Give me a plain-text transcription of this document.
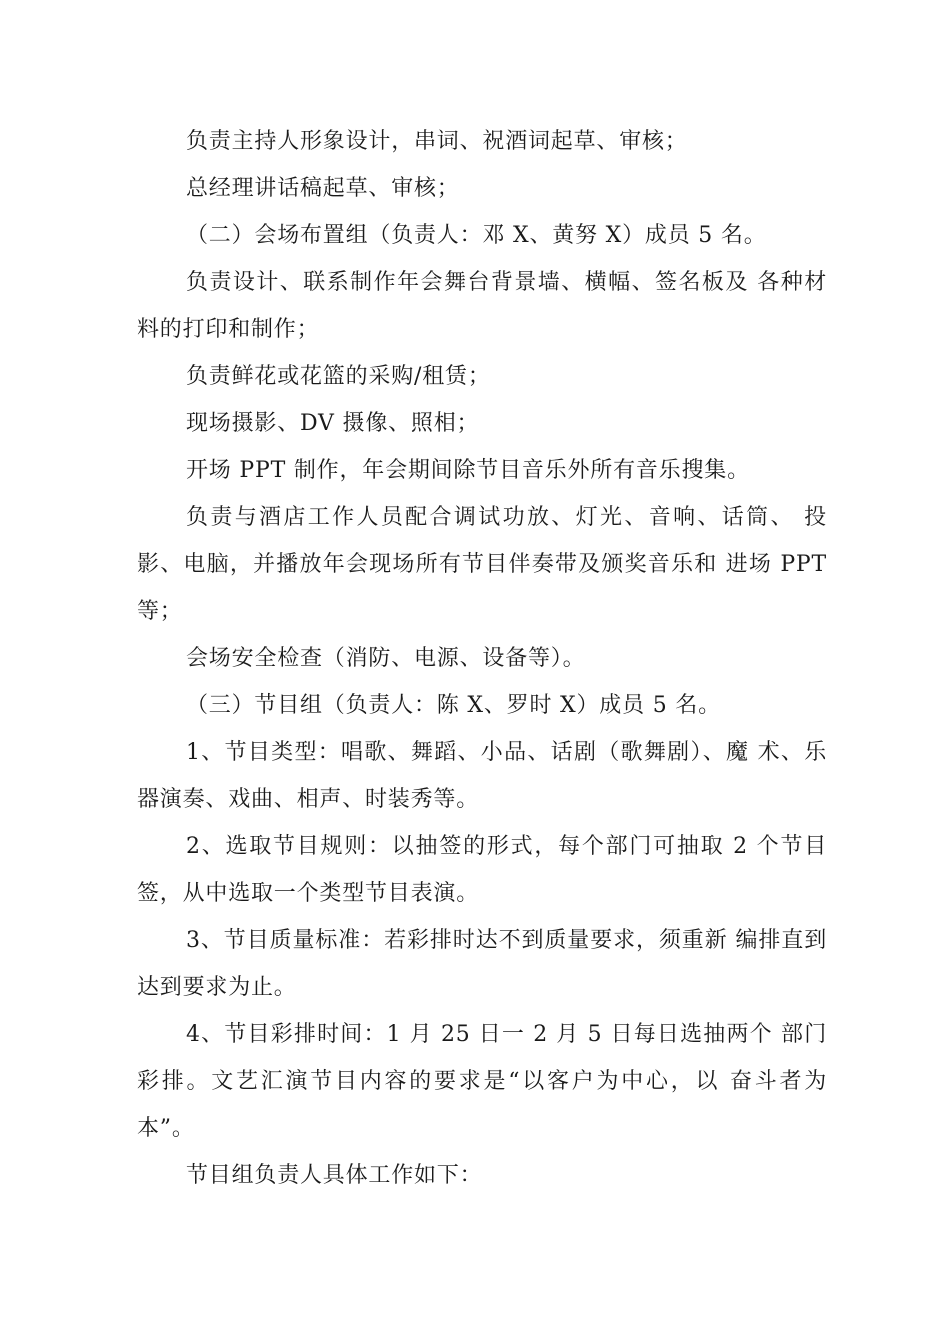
负责主持人形象设计，串词、祝酒词起草、审核；

总经理讲话稿起草、审核；

（二）会场布置组（负责人：邓 X、黄努 X）成员 5 名。

负责设计、联系制作年会舞台背景墙、横幅、签名板及 各种材料的打印和制作；

负责鲜花或花篮的采购/租赁；

现场摄影、DV 摄像、照相；

开场 PPT 制作，年会期间除节目音乐外所有音乐搜集。

负责与酒店工作人员配合调试功放、灯光、音响、话筒、 投影、电脑，并播放年会现场所有节目伴奏带及颁奖音乐和 进场 PPT 等；

会场安全检查（消防、电源、设备等）。

（三）节目组（负责人：陈 X、罗时 X）成员 5 名。

1、节目类型：唱歌、舞蹈、小品、话剧（歌舞剧）、魔 术、乐器演奏、戏曲、相声、时装秀等。

2、选取节目规则：以抽签的形式，每个部门可抽取 2 个节目签，从中选取一个类型节目表演。

3、节目质量标准：若彩排时达不到质量要求，须重新 编排直到达到要求为止。

4、节目彩排时间：1 月 25 日一 2 月 5 日每日选抽两个 部门彩排。文艺汇演节目内容的要求是“以客户为中心，以 奋斗者为本”。

节目组负责人具体工作如下：
